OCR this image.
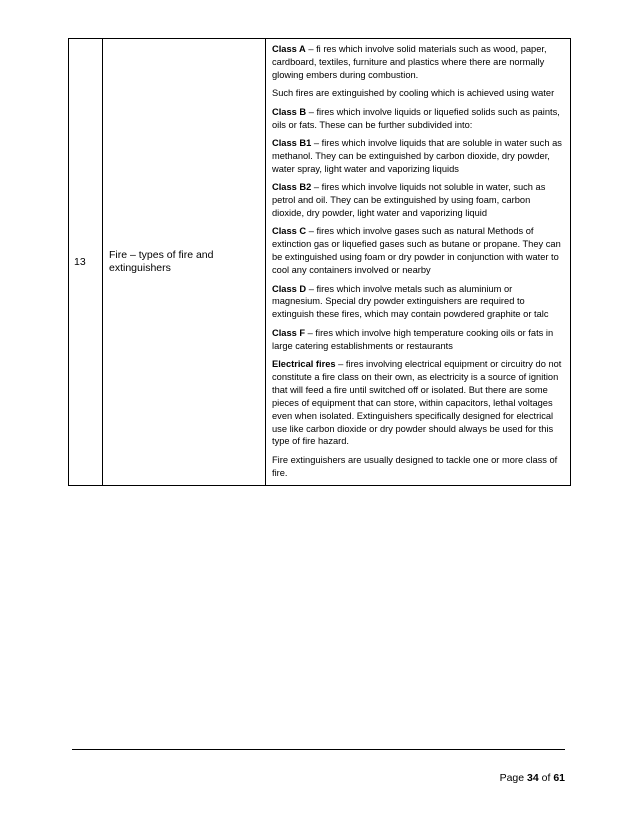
13	Fire – types of fire and extinguishers	

Class A – fi res which involve solid materials such as wood, paper, cardboard, textiles, furniture and plastics where there are normally glowing embers during combustion.

Such fires are extinguished by cooling which is achieved using water

Class B – fires which involve liquids or liquefied solids such as paints, oils or fats. These can be further subdivided into:

Class B1 – fires which involve liquids that are soluble in water such as methanol. They can be extinguished by carbon dioxide, dry powder, water spray, light water and vaporizing liquids

Class B2 – fires which involve liquids not soluble in water, such as petrol and oil. They can be extinguished by using foam, carbon dioxide, dry powder, light water and vaporizing liquid

Class C – fires which involve gases such as natural Methods of extinction gas or liquefied gases such as butane or propane. They can be extinguished using foam or dry powder in conjunction with water to cool any containers involved or nearby

Class D – fires which involve metals such as aluminium or magnesium. Special dry powder extinguishers are required to extinguish these fires, which may contain powdered graphite or talc

Class F – fires which involve high temperature cooking oils or fats in large catering establishments or restaurants

Electrical fires – fires involving electrical equipment or circuitry do not constitute a fire class on their own, as electricity is a source of ignition that will feed a fire until switched off or isolated. But there are some pieces of equipment that can store, within capacitors, lethal voltages even when isolated. Extinguishers specifically designed for electrical use like carbon dioxide or dry powder should always be used for this type of fire hazard.

Fire extinguishers are usually designed to tackle one or more class of fire.

Page 34 of 61
